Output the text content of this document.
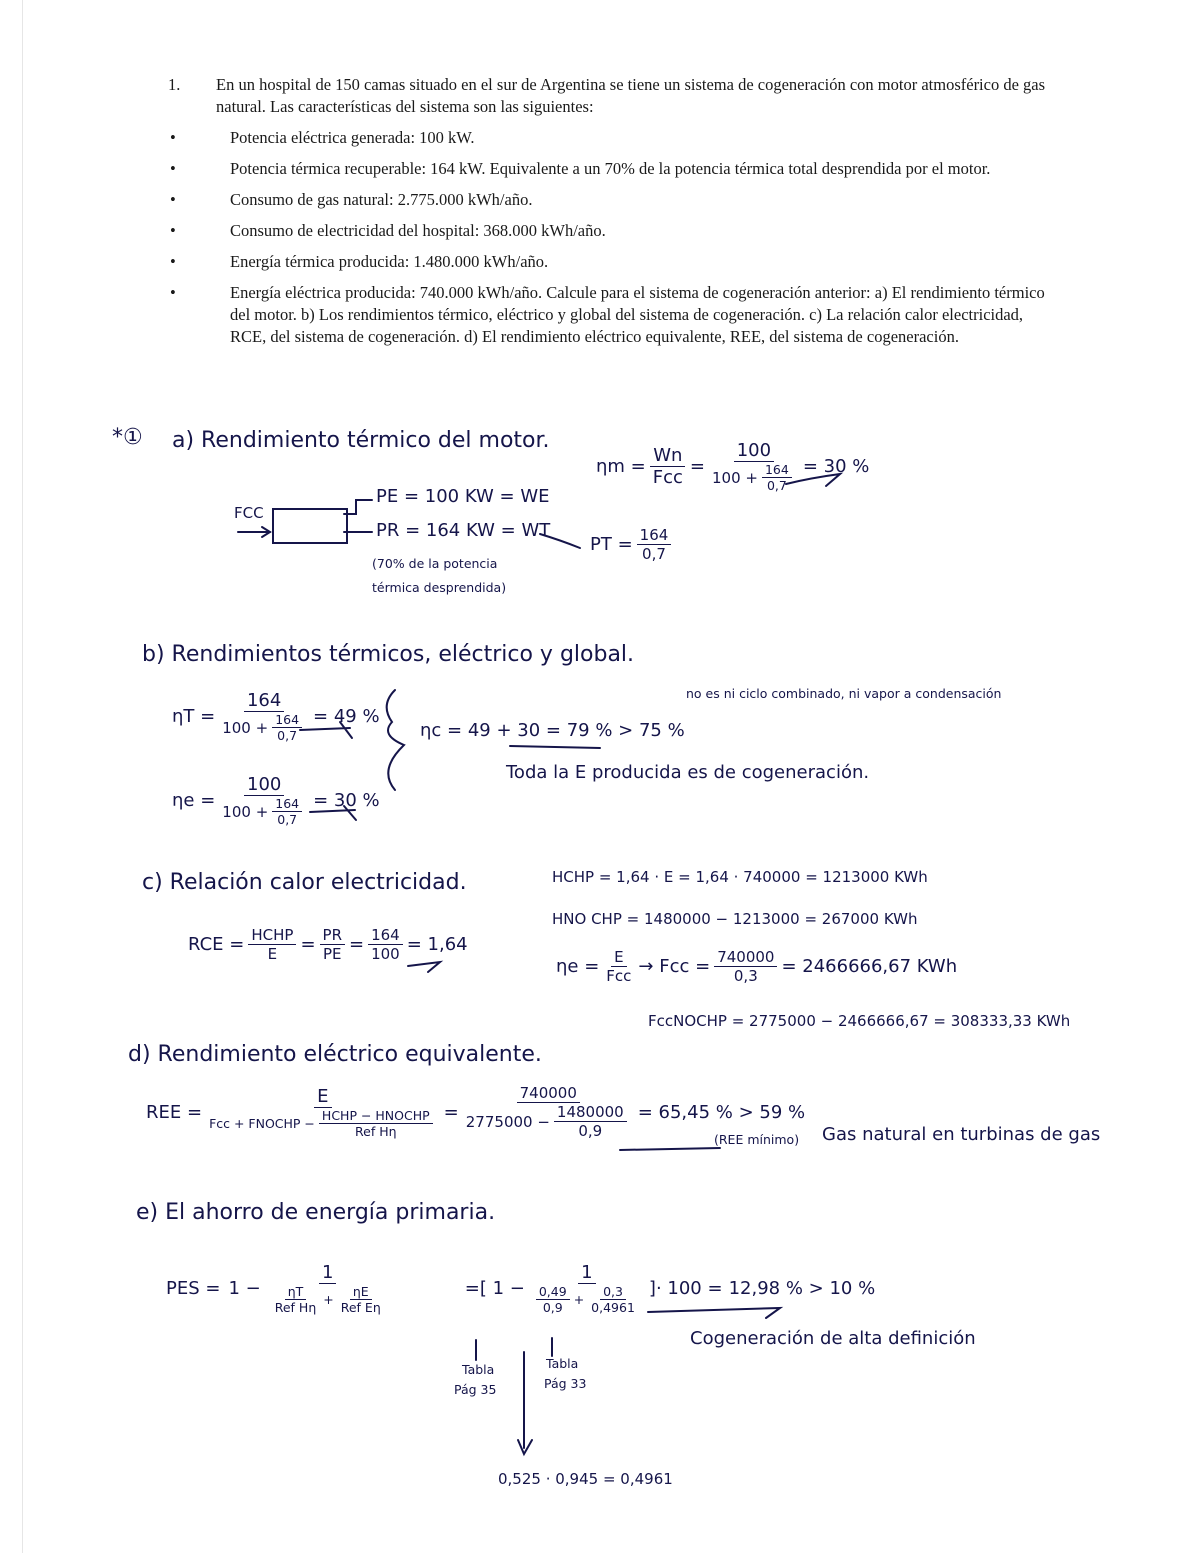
1. En un hospital de 150 camas situado en el sur de Argentina se tiene un sistema de cogeneración con motor atmosférico de gas natural. Las características del sistema son las siguientes:
•	Potencia eléctrica generada: 100 kW.
•	Potencia térmica recuperable: 164 kW. Equivalente a un 70% de la potencia térmica total desprendida por el motor.
•	Consumo de gas natural: 2.775.000 kWh/año.
•	Consumo de electricidad del hospital: 368.000 kWh/año.
•	Energía térmica producida: 1.480.000 kWh/año.
•	Energía eléctrica producida: 740.000 kWh/año. Calcule para el sistema de cogeneración anterior: a) El rendimiento térmico del motor. b) Los rendimientos térmico, eléctrico y global del sistema de cogeneración. c) La relación calor electricidad, RCE, del sistema de cogeneración. d) El rendimiento eléctrico equivalente, REE, del sistema de cogeneración.
*① a) Rendimiento térmico del motor.
$\eta m = \frac{Wn}{\text{Fcc}} = \frac{100}{100 + \frac{164}{0,7}} = 30$ %
FCC
PE = 100 KW = WE
PR = 164 KW = WT
(70% de la potencia
térmica desprendida)
PT = $\frac{164}{0,7}$
b) Rendimientos térmicos, eléctrico y global.
$\eta T = \frac{164}{100 + \frac{164}{0,7}} = 49$ %
$\eta e = \frac{100}{100 + \frac{164}{0,7}} = 30$ %
ηc = 49 + 30 = 79 % > 75 %
no es ni ciclo combinado, ni vapor a condensación
Toda la E producida es de cogeneración.
c) Relación calor electricidad.
RCE = $\frac{\text{HCHP}}{E} = \frac{PR}{PE} = \frac{164}{100} = 1,64$
HCHP = 1,64 · E = 1,64 · 740000 = 1213000 KWh
HNO CHP = 1480000 − 1213000 = 267000 KWh
$\eta e = \frac{E}{\text{Fcc}}$ → Fcc = $\frac{740000}{0,3} = 2466666,67$ KWh
FccNOCHP = 2775000 − 2466666,67 = 308333,33 KWh
d) Rendimiento eléctrico equivalente.
REE = $\frac{E}{Fcc + FNOCHP - \frac{\text{HCHP − HNOCHP}}{\text{Ref Hη}}} = \frac{740000}{2775000 - \frac{1480000}{0,9}} = 65,45$ % > 59 %
(REE mínimo) Gas natural en turbinas de gas
e) El ahorro de energía primaria.
PES = $1 - \frac{1}{\frac{\eta T}{\text{Ref Hη}} + \frac{\eta E}{\text{Ref Eη}}}$	= [ $1 - \frac{1}{\frac{0,49}{0,9} + \frac{0,3}{0,4961}}$ ] · 100 = 12,98 % > 10 %
Cogeneración de alta definición
Tabla
Pág 35
Tabla
Pág 33
0,525 · 0,945 = 0,4961
